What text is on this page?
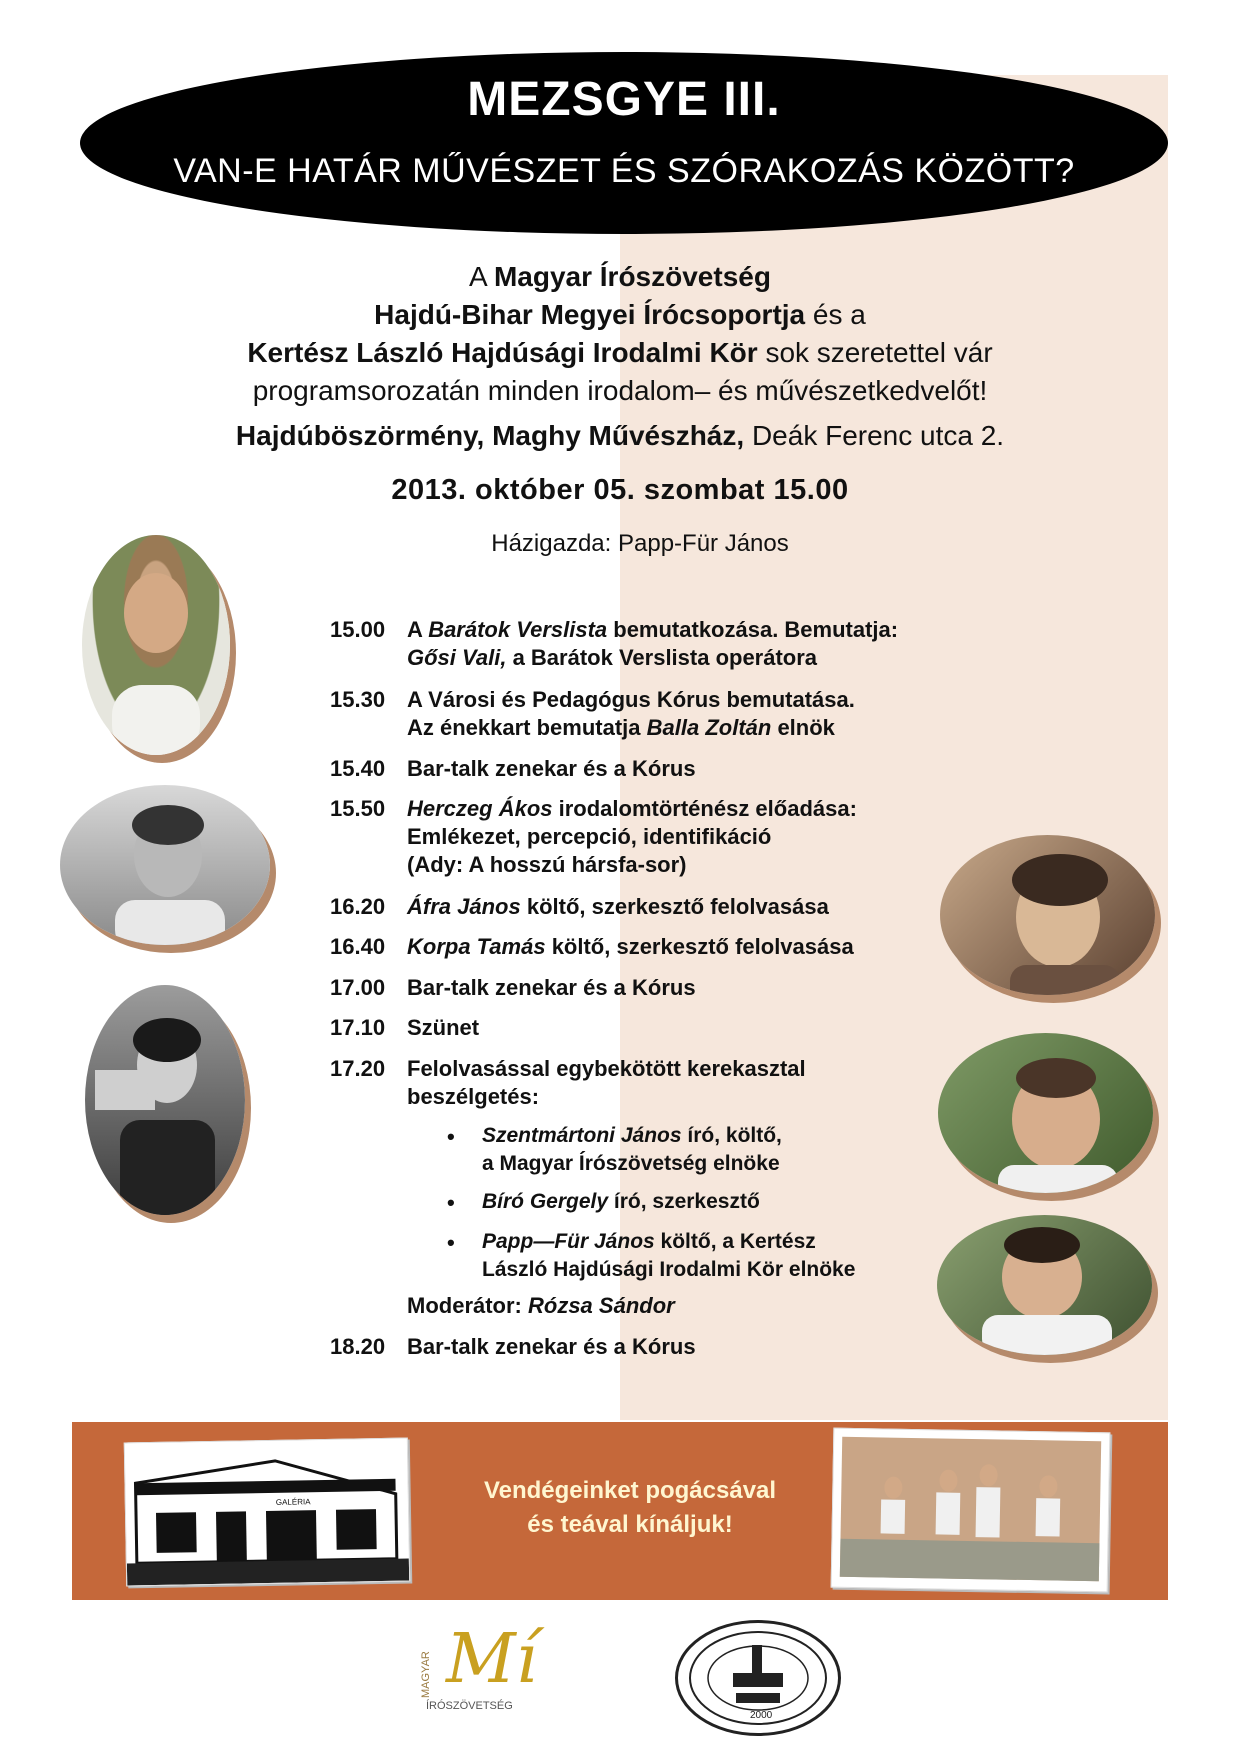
MEZSGYE III.
VAN-E HATÁR MŰVÉSZET ÉS SZÓRAKOZÁS KÖZÖTT?
A Magyar Írószövetség
Hajdú-Bihar Megyei Írócsoportja és a
Kertész László Hajdúsági Irodalmi Kör sok szeretettel vár
programsorozatán minden irodalom– és művészetkedvelőt!
Hajdúböszörmény, Maghy Művészház, Deák Ferenc utca 2.
2013. október 05. szombat 15.00
Házigazda: Papp-Für János
15.00 A Barátok Verslista bemutatkozása. Bemutatja:
Gősi Vali, a Barátok Verslista operátora
15.30 A Városi és Pedagógus Kórus bemutatása.
Az énekkart bemutatja Balla Zoltán elnök
15.40 Bar-talk zenekar és a Kórus
15.50 Herczeg Ákos irodalomtörténész előadása:
Emlékezet, percepció, identifikáció
(Ady: A hosszú hársfa-sor)
16.20 Áfra János költő, szerkesztő felolvasása
16.40 Korpa Tamás költő, szerkesztő felolvasása
17.00 Bar-talk zenekar és a Kórus
17.10 Szünet
17.20 Felolvasással egybekötött kerekasztal
beszélgetés:
• Szentmártoni János író, költő,
a Magyar Írószövetség elnöke
• Bíró Gergely író, szerkesztő
• Papp—Für János költő, a Kertész
László Hajdúsági Irodalmi Kör elnöke
Moderátor: Rózsa Sándor
18.20 Bar-talk zenekar és a Kórus
GALÉRIA	Vendégeinket pogácsával
és teával kínáljuk!
MAGYAR Mí
ÍRÓSZÖVETSÉG
2000
